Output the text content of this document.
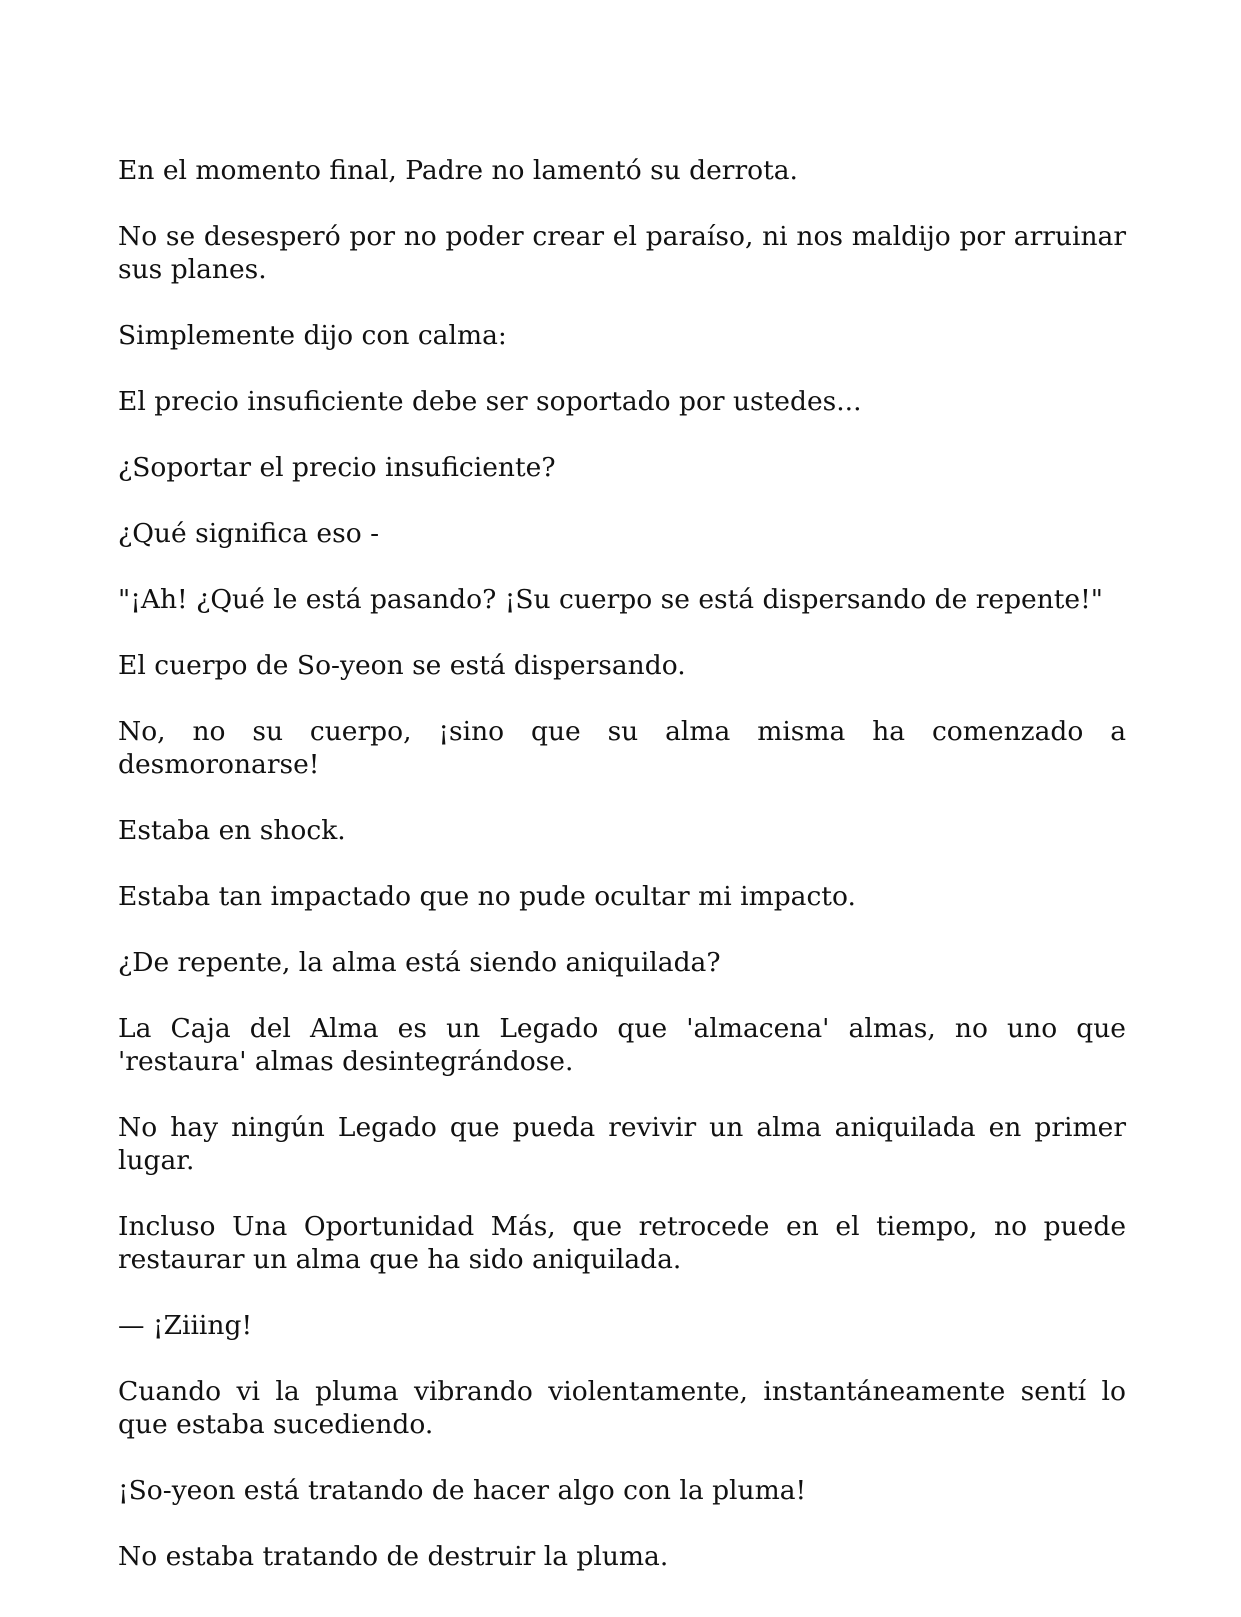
En el momento final, Padre no lamentó su derrota.

No se desesperó por no poder crear el paraíso, ni nos maldijo por arruinar sus planes.

Simplemente dijo con calma:

El precio insuficiente debe ser soportado por ustedes...

¿Soportar el precio insuficiente?

¿Qué significa eso -

"¡Ah! ¿Qué le está pasando? ¡Su cuerpo se está dispersando de repente!"

El cuerpo de So-yeon se está dispersando.

No, no su cuerpo, ¡sino que su alma misma ha comenzado a desmoronarse!

Estaba en shock.

Estaba tan impactado que no pude ocultar mi impacto.

¿De repente, la alma está siendo aniquilada?

La Caja del Alma es un Legado que 'almacena' almas, no uno que 'restaura' almas desintegrándose.

No hay ningún Legado que pueda revivir un alma aniquilada en primer lugar.

Incluso Una Oportunidad Más, que retrocede en el tiempo, no puede restaurar un alma que ha sido aniquilada.

— ¡Ziiing!

Cuando vi la pluma vibrando violentamente, instantáneamente sentí lo que estaba sucediendo.

¡So-yeon está tratando de hacer algo con la pluma!

No estaba tratando de destruir la pluma.
